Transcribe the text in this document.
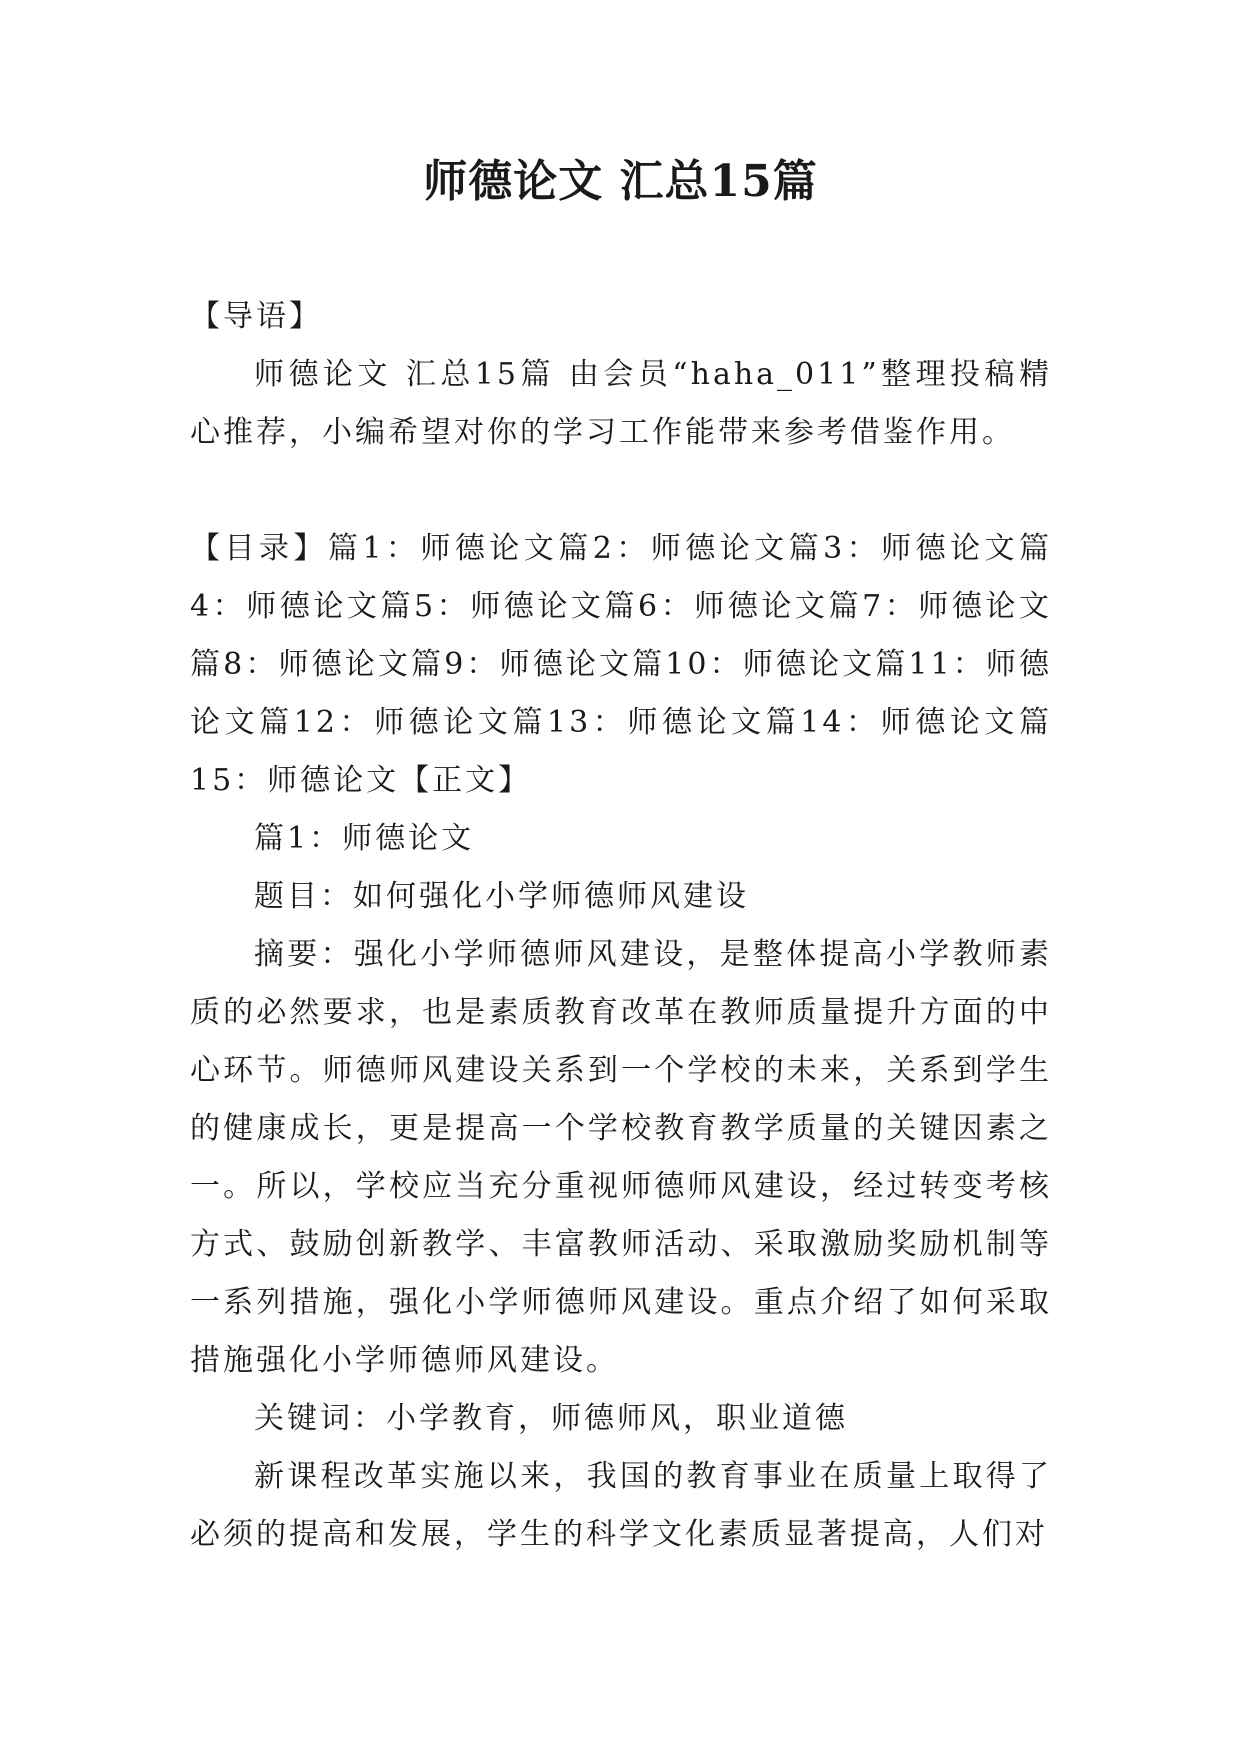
师德论文 汇总15篇

【导语】

师德论文 汇总15篇 由会员“haha_011”整理投稿精心推荐，小编希望对你的学习工作能带来参考借鉴作用。

【目录】篇1：师德论文篇2：师德论文篇3：师德论文篇4：师德论文篇5：师德论文篇6：师德论文篇7：师德论文篇8：师德论文篇9：师德论文篇10：师德论文篇11：师德论文篇12：师德论文篇13：师德论文篇14：师德论文篇15：师德论文【正文】

篇1：师德论文

题目：如何强化小学师德师风建设

摘要：强化小学师德师风建设，是整体提高小学教师素质的必然要求，也是素质教育改革在教师质量提升方面的中心环节。师德师风建设关系到一个学校的未来，关系到学生的健康成长，更是提高一个学校教育教学质量的关键因素之一。所以，学校应当充分重视师德师风建设，经过转变考核方式、鼓励创新教学、丰富教师活动、采取激励奖励机制等一系列措施，强化小学师德师风建设。重点介绍了如何采取措施强化小学师德师风建设。

关键词：小学教育，师德师风，职业道德

新课程改革实施以来，我国的教育事业在质量上取得了必须的提高和发展，学生的科学文化素质显著提高，人们对
